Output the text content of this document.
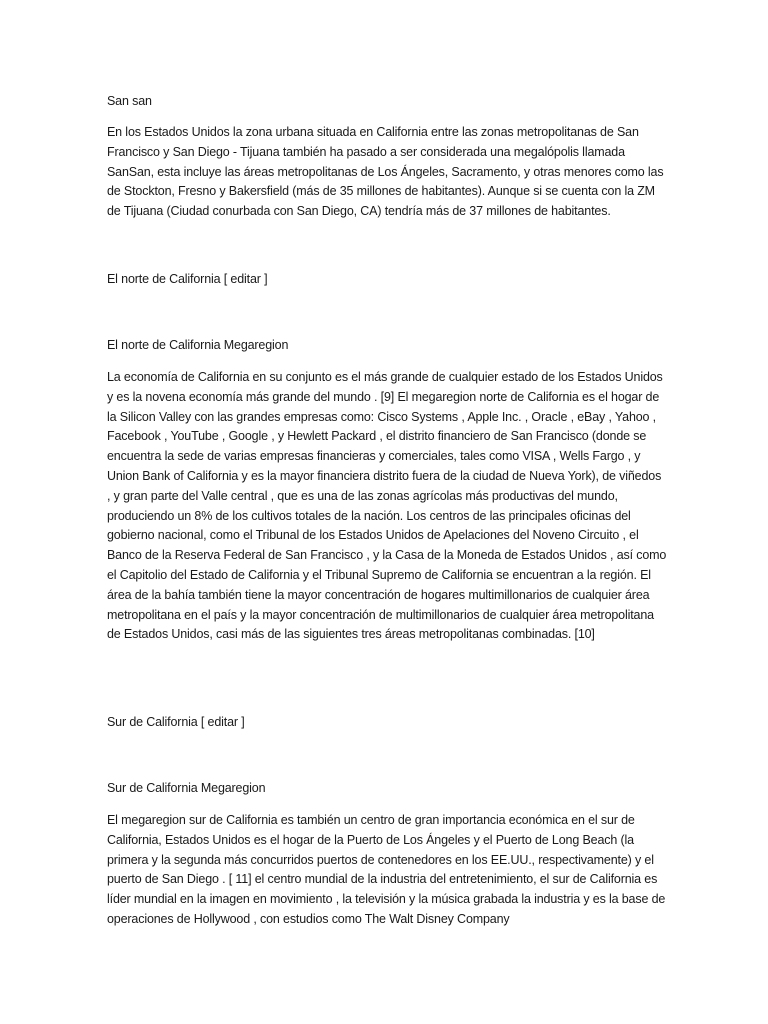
San san

En los Estados Unidos la zona urbana situada en California entre las zonas metropolitanas de San Francisco y San Diego - Tijuana también ha pasado a ser considerada una megalópolis llamada SanSan, esta incluye las áreas metropolitanas de Los Ángeles, Sacramento, y otras menores como las de Stockton, Fresno y Bakersfield (más de 35 millones de habitantes). Aunque si se cuenta con la ZM de Tijuana (Ciudad conurbada con San Diego, CA) tendría más de 37 millones de habitantes.

El norte de California [ editar ]

El norte de California Megaregion

La economía de California en su conjunto es el más grande de cualquier estado de los Estados Unidos y es la novena economía más grande del mundo . [9] El megaregion norte de California es el hogar de la Silicon Valley con las grandes empresas como: Cisco Systems , Apple Inc. , Oracle , eBay , Yahoo , Facebook , YouTube , Google , y Hewlett Packard , el distrito financiero de San Francisco (donde se encuentra la sede de varias empresas financieras y comerciales, tales como VISA , Wells Fargo , y Union Bank of California y es la mayor financiera distrito fuera de la ciudad de Nueva York), de viñedos , y gran parte del Valle central , que es una de las zonas agrícolas más productivas del mundo, produciendo un 8% de los cultivos totales de la nación. Los centros de las principales oficinas del gobierno nacional, como el Tribunal de los Estados Unidos de Apelaciones del Noveno Circuito , el Banco de la Reserva Federal de San Francisco , y la Casa de la Moneda de Estados Unidos , así como el Capitolio del Estado de California y el Tribunal Supremo de California se encuentran a la región. El área de la bahía también tiene la mayor concentración de hogares multimillonarios de cualquier área metropolitana en el país y la mayor concentración de multimillonarios de cualquier área metropolitana de Estados Unidos, casi más de las siguientes tres áreas metropolitanas combinadas. [10]

Sur de California [ editar ]

Sur de California Megaregion

El megaregion sur de California es también un centro de gran importancia económica en el sur de California, Estados Unidos es el hogar de la Puerto de Los Ángeles y el Puerto de Long Beach (la primera y la segunda más concurridos puertos de contenedores en los EE.UU., respectivamente) y el puerto de San Diego . [ 11] el centro mundial de la industria del entretenimiento, el sur de California es líder mundial en la imagen en movimiento , la televisión y la música grabada la industria y es la base de operaciones de Hollywood , con estudios como The Walt Disney Company
